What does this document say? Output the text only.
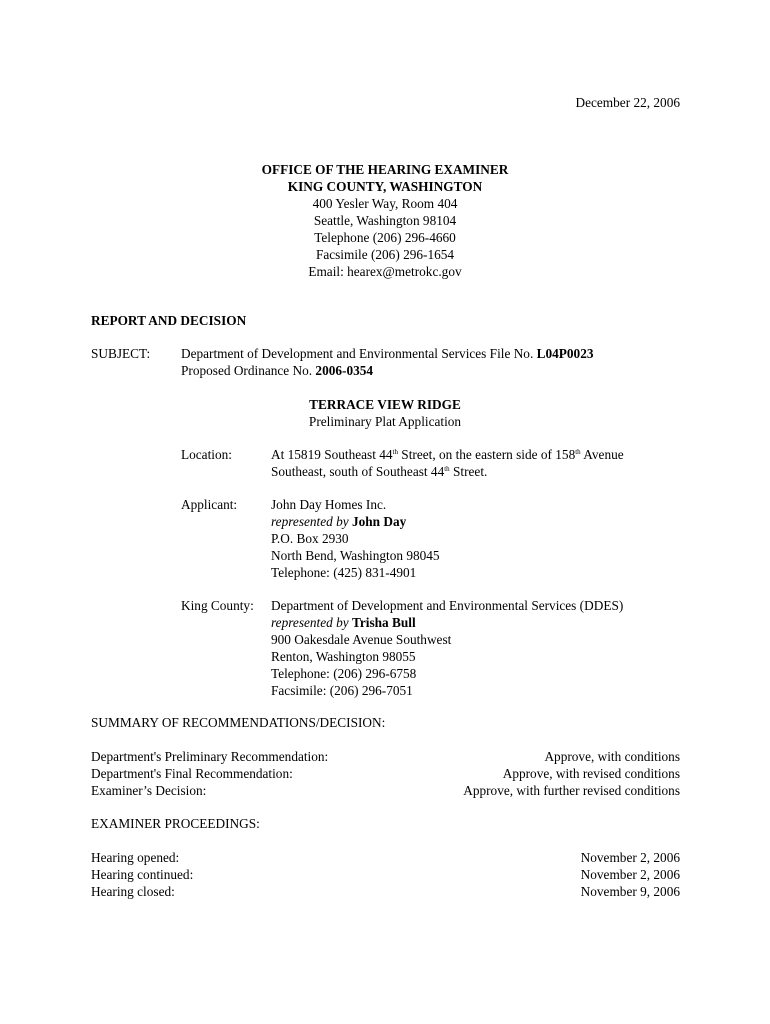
December 22, 2006
OFFICE OF THE HEARING EXAMINER
KING COUNTY, WASHINGTON
400 Yesler Way, Room 404
Seattle, Washington 98104
Telephone (206) 296-4660
Facsimile (206) 296-1654
Email: hearex@metrokc.gov
REPORT AND DECISION
SUBJECT: Department of Development and Environmental Services File No. L04P0023
Proposed Ordinance No. 2006-0354
TERRACE VIEW RIDGE
Preliminary Plat Application
Location:	At 15819 Southeast 44th Street, on the eastern side of 158th Avenue
Southeast, south of Southeast 44th Street.
Applicant:	John Day Homes Inc.
represented by John Day
P.O. Box 2930
North Bend, Washington 98045
Telephone: (425) 831-4901
King County: Department of Development and Environmental Services (DDES)
represented by Trisha Bull
900 Oakesdale Avenue Southwest
Renton, Washington 98055
Telephone: (206) 296-6758
Facsimile: (206) 296-7051
SUMMARY OF RECOMMENDATIONS/DECISION:
Department's Preliminary Recommendation:	Approve, with conditions
Department's Final Recommendation:	Approve, with revised conditions
Examiner’s Decision:	Approve, with further revised conditions
EXAMINER PROCEEDINGS:
Hearing opened:	November 2, 2006
Hearing continued:	November 2, 2006
Hearing closed:	November 9, 2006
